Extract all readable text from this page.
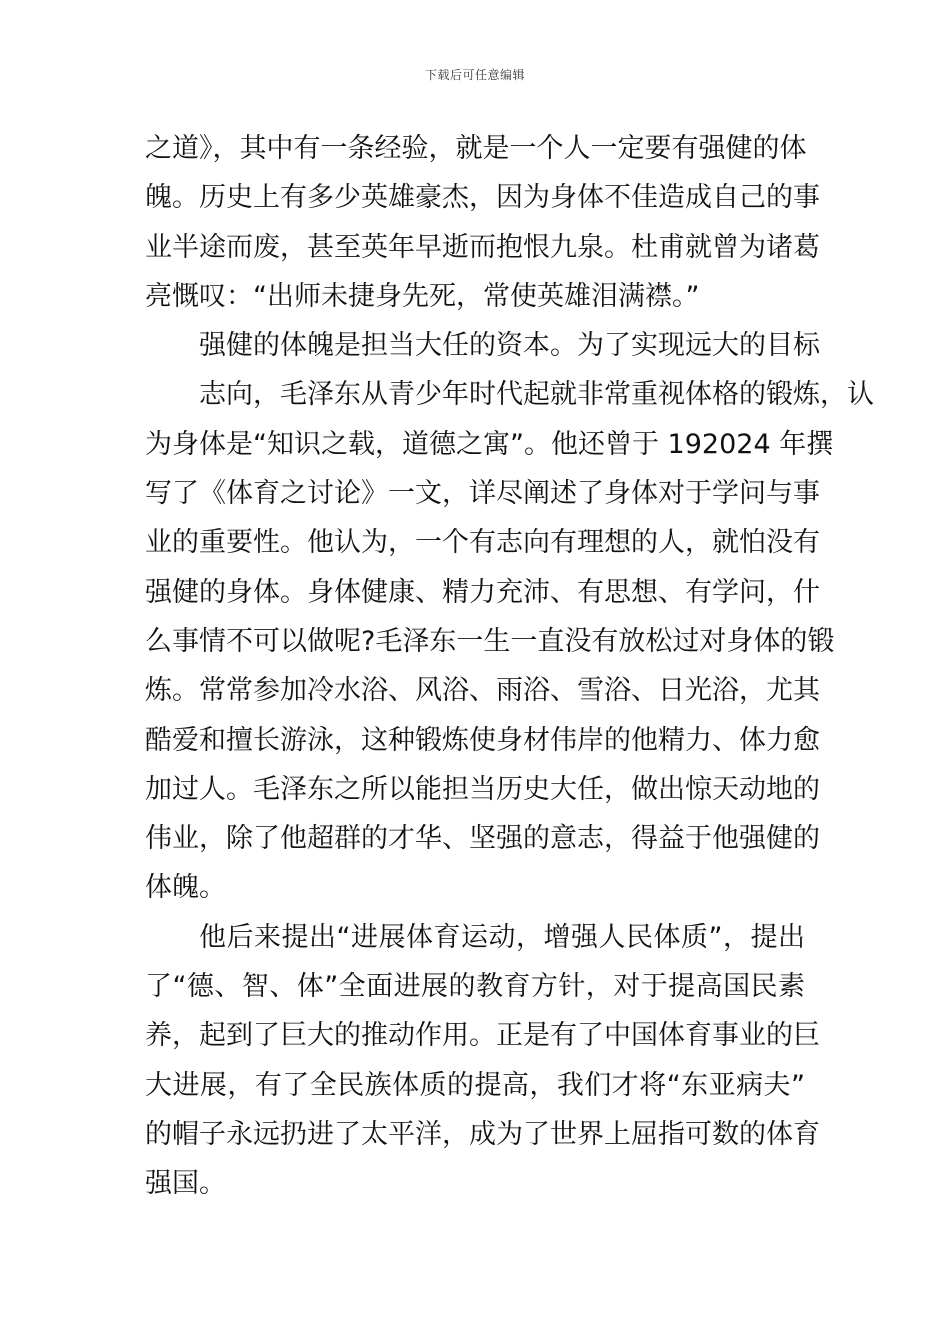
下载后可任意编辑

之道》，其中有一条经验，就是一个人一定要有强健的体
魄。历史上有多少英雄豪杰，因为身体不佳造成自己的事
业半途而废，甚至英年早逝而抱恨九泉。杜甫就曾为诸葛
亮慨叹：“出师未捷身先死，常使英雄泪满襟。”

强健的体魄是担当大任的资本。为了实现远大的目标
志向，毛泽东从青少年时代起就非常重视体格的锻炼，认
为身体是“知识之载，道德之寓”。他还曾于 192024 年撰
写了《体育之讨论》一文，详尽阐述了身体对于学问与事
业的重要性。他认为，一个有志向有理想的人，就怕没有
强健的身体。身体健康、精力充沛、有思想、有学问，什
么事情不可以做呢?毛泽东一生一直没有放松过对身体的锻
炼。常常参加冷水浴、风浴、雨浴、雪浴、日光浴，尤其
酷爱和擅长游泳，这种锻炼使身材伟岸的他精力、体力愈
加过人。毛泽东之所以能担当历史大任，做出惊天动地的
伟业，除了他超群的才华、坚强的意志，得益于他强健的
体魄。

他后来提出“进展体育运动，增强人民体质”，提出
了“德、智、体”全面进展的教育方针，对于提高国民素
养，起到了巨大的推动作用。正是有了中国体育事业的巨
大进展，有了全民族体质的提高，我们才将“东亚病夫”
的帽子永远扔进了太平洋，成为了世界上屈指可数的体育
强国。
